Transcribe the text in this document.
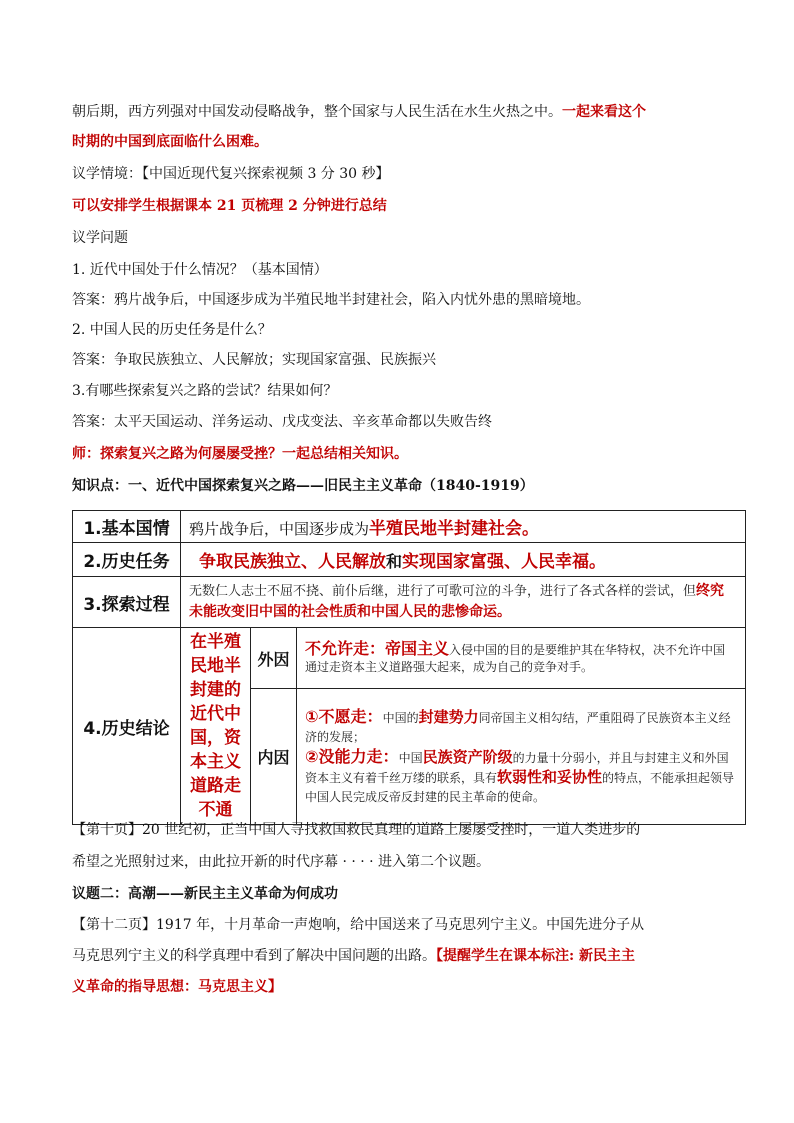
朝后期，西方列强对中国发动侵略战争，整个国家与人民生活在水生火热之中。一起来看这个
时期的中国到底面临什么困难。
议学情境：【中国近现代复兴探索视频 3 分 30 秒】
可以安排学生根据课本 21 页梳理 2 分钟进行总结
议学问题
1. 近代中国处于什么情况？（基本国情）
答案：鸦片战争后，中国逐步成为半殖民地半封建社会，陷入内忧外患的黑暗境地。
2. 中国人民的历史任务是什么？
答案：争取民族独立、人民解放；实现国家富强、民族振兴
3.有哪些探索复兴之路的尝试？结果如何？
答案：太平天国运动、洋务运动、戊戌变法、辛亥革命都以失败告终
师：探索复兴之路为何屡屡受挫？一起总结相关知识。
知识点：一、近代中国探索复兴之路——旧民主主义革命（1840-1919）
1.基本国情	鸦片战争后，中国逐步成为半殖民地半封建社会。		
2.历史任务	争取民族独立、人民解放和实现国家富强、人民幸福。		
3.探索过程	无数仁人志士不屈不挠、前仆后继，进行了可歌可泣的斗争，进行了各式各样的尝试，但终究未能改变旧中国的社会性质和中国人民的悲惨命运。		
4.历史结论	在半殖民地半封建的近代中国，资本主义道路走不通	外因	不允许走：帝国主义入侵中国的目的是要维护其在华特权，决不允许中国通过走资本主义道路强大起来，成为自己的竞争对手。
		内因	①不愿走：中国的封建势力同帝国主义相勾结，严重阻碍了民族资本主义经济的发展；
②没能力走：中国民族资产阶级的力量十分弱小，并且与封建主义和外国资本主义有着千丝万缕的联系，具有软弱性和妥协性的特点，不能承担起领导中国人民完成反帝反封建的民主革命的使命。
【第十页】20 世纪初，正当中国人寻找救国救民真理的道路上屡屡受挫时，一道人类进步的
希望之光照射过来，由此拉开新的时代序幕 · · · · 进入第二个议题。
议题二：高潮——新民主主义革命为何成功
【第十二页】1917 年，十月革命一声炮响，给中国送来了马克思列宁主义。中国先进分子从
马克思列宁主义的科学真理中看到了解决中国问题的出路。【提醒学生在课本标注: 新民主主
义革命的指导思想：马克思主义】
